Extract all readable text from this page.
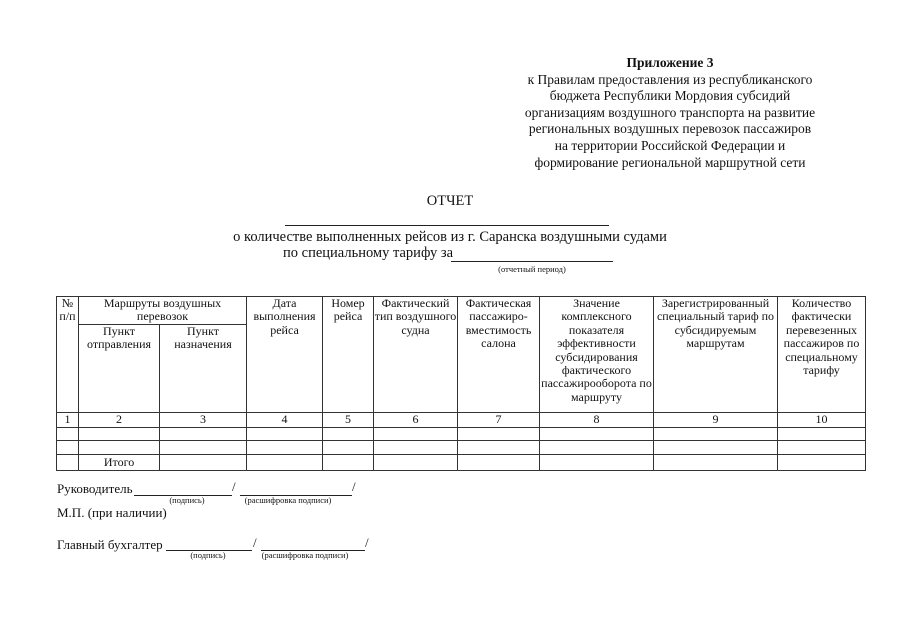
Приложение 3
к Правилам предоставления из республиканского
бюджета Республики Мордовия субсидий
организациям воздушного транспорта на развитие
региональных воздушных перевозок пассажиров
на территории Российской Федерации и
формирование региональной маршрутной сети
ОТЧЕТ
о количестве выполненных рейсов из г. Саранска воздушными судами
по специальному тарифу за
(отчетный период)
№ п/п	Маршруты воздушных перевозок		Дата выполнения рейса	Номер рейса	Фактический тип воздушного судна	Фактическая пассажиро-вместимость салона	Значение комплексного показателя эффективности субсидирования фактического пассажирооборота по маршруту	Зарегистрированный специальный тариф по субсидируемым маршрутам	Количество фактически перевезенных пассажиров по специальному тарифу
	Пункт отправления	Пункт назначения							
1	2	3	4	5	6	7	8	9	10

	Итого								
Руководитель	/	/
(подпись)	(расшифровка подписи)
М.П. (при наличии)
Главный бухгалтер	/	/
(подпись)	(расшифровка подписи)
